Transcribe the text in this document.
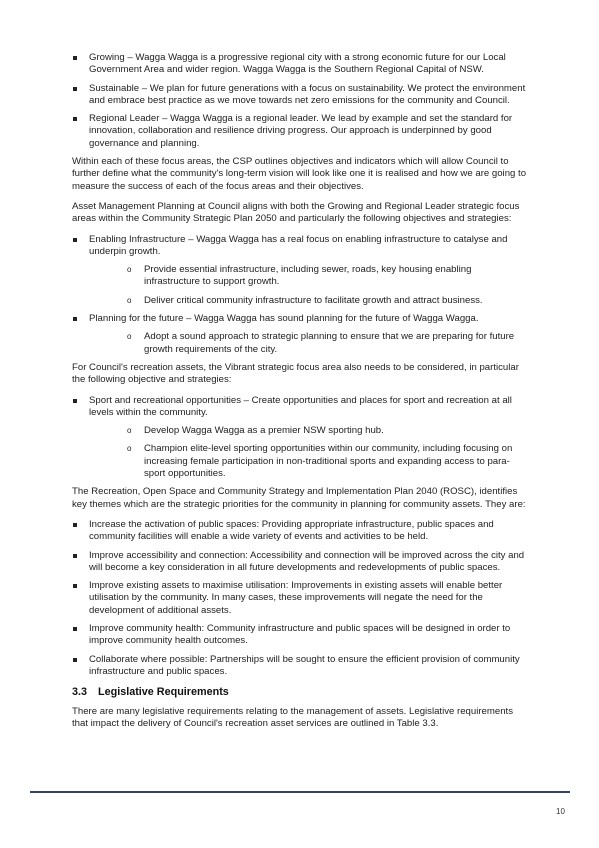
Growing – Wagga Wagga is a progressive regional city with a strong economic future for our Local Government Area and wider region. Wagga Wagga is the Southern Regional Capital of NSW.
Sustainable – We plan for future generations with a focus on sustainability. We protect the environment and embrace best practice as we move towards net zero emissions for the community and Council.
Regional Leader – Wagga Wagga is a regional leader. We lead by example and set the standard for innovation, collaboration and resilience driving progress. Our approach is underpinned by good governance and planning.

Within each of these focus areas, the CSP outlines objectives and indicators which will allow Council to further define what the community's long-term vision will look like one it is realised and how we are going to measure the success of each of the focus areas and their objectives.

Asset Management Planning at Council aligns with both the Growing and Regional Leader strategic focus areas within the Community Strategic Plan 2050 and particularly the following objectives and strategies:

Enabling Infrastructure – Wagga Wagga has a real focus on enabling infrastructure to catalyse and underpin growth.
o Provide essential infrastructure, including sewer, roads, key housing enabling infrastructure to support growth.
o Deliver critical community infrastructure to facilitate growth and attract business.
Planning for the future – Wagga Wagga has sound planning for the future of Wagga Wagga.
o Adopt a sound approach to strategic planning to ensure that we are preparing for future growth requirements of the city.

For Council's recreation assets, the Vibrant strategic focus area also needs to be considered, in particular the following objective and strategies:

Sport and recreational opportunities – Create opportunities and places for sport and recreation at all levels within the community.
o Develop Wagga Wagga as a premier NSW sporting hub.
o Champion elite-level sporting opportunities within our community, including focusing on increasing female participation in non-traditional sports and expanding access to para-sport opportunities.

The Recreation, Open Space and Community Strategy and Implementation Plan 2040 (ROSC), identifies key themes which are the strategic priorities for the community in planning for community assets. They are:

Increase the activation of public spaces: Providing appropriate infrastructure, public spaces and community facilities will enable a wide variety of events and activities to be held.
Improve accessibility and connection: Accessibility and connection will be improved across the city and will become a key consideration in all future developments and redevelopments of public spaces.
Improve existing assets to maximise utilisation: Improvements in existing assets will enable better utilisation by the community. In many cases, these improvements will negate the need for the development of additional assets.
Improve community health: Community infrastructure and public spaces will be designed in order to improve community health outcomes.
Collaborate where possible: Partnerships will be sought to ensure the efficient provision of community infrastructure and public spaces.
3.3 Legislative Requirements

There are many legislative requirements relating to the management of assets. Legislative requirements that impact the delivery of Council's recreation asset services are outlined in Table 3.3.

10
